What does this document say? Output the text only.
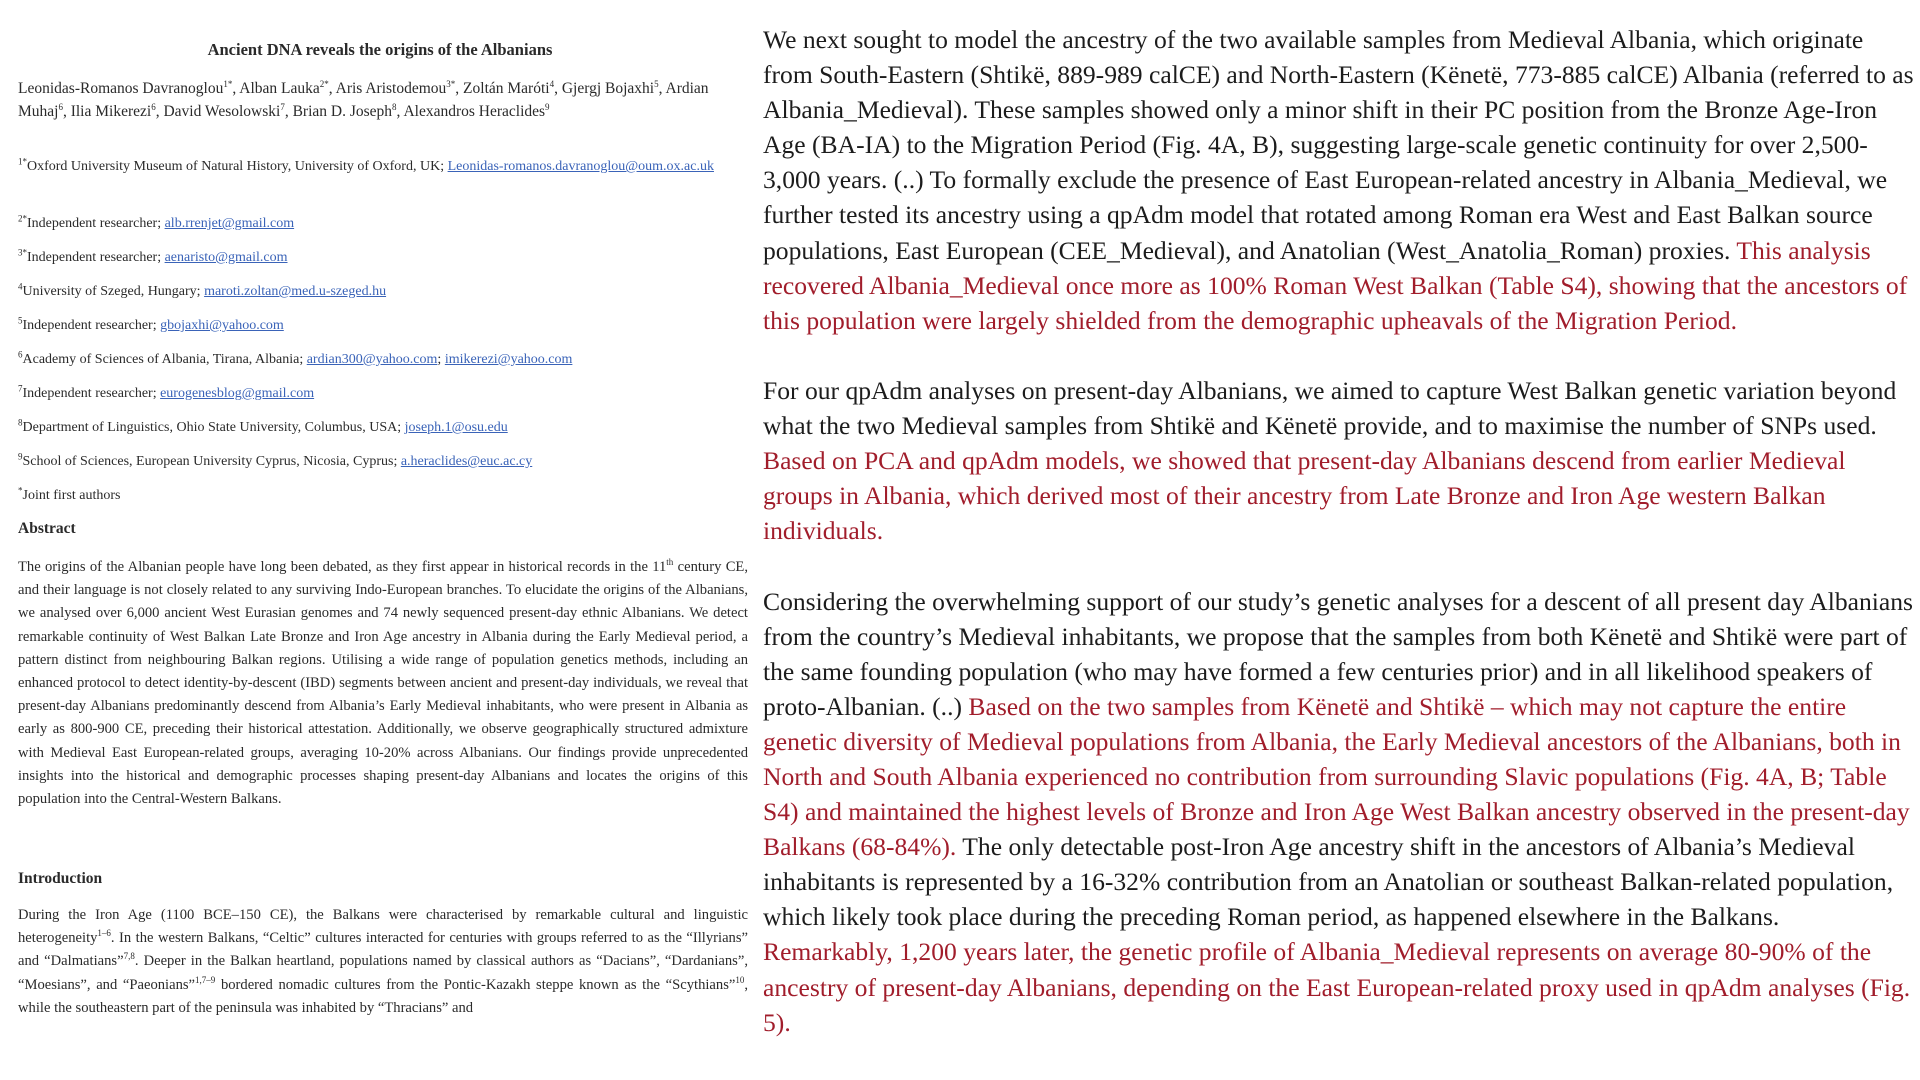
Ancient DNA reveals the origins of the Albanians
Leonidas-Romanos Davranoglou$^{1*}$, Alban Lauka$^{2*}$, Aris Aristodemou$^{3*}$, Zoltán Maróti$^4$, Gjergj Bojaxhi$^5$, Ardian Muhaj$^6$, Ilia Mikerezi$^6$, David Wesolowski$^7$, Brian D. Joseph$^8$, Alexandros Heraclides$^9$
$^{1*}$Oxford University Museum of Natural History, University of Oxford, UK; Leonidas-romanos.davranoglou@oum.ox.ac.uk
$^{2*}$Independent researcher; alb.rrenjet@gmail.com
$^{3*}$Independent researcher; aenaristo@gmail.com
$^4$University of Szeged, Hungary; maroti.zoltan@med.u-szeged.hu
$^5$Independent researcher; gbojaxhi@yahoo.com
$^6$Academy of Sciences of Albania, Tirana, Albania; ardian300@yahoo.com; imikerezi@yahoo.com
$^7$Independent researcher; eurogenesblog@gmail.com
$^8$Department of Linguistics, Ohio State University, Columbus, USA; joseph.1@osu.edu
$^9$School of Sciences, European University Cyprus, Nicosia, Cyprus; a.heraclides@euc.ac.cy
*Joint first authors
Abstract
The origins of the Albanian people have long been debated, as they first appear in historical records in the 11th century CE, and their language is not closely related to any surviving Indo-European branches. To elucidate the origins of the Albanians, we analysed over 6,000 ancient West Eurasian genomes and 74 newly sequenced present-day ethnic Albanians. We detect remarkable continuity of West Balkan Late Bronze and Iron Age ancestry in Albania during the Early Medieval period, a pattern distinct from neighbouring Balkan regions. Utilising a wide range of population genetics methods, including an enhanced protocol to detect identity-by-descent (IBD) segments between ancient and present-day individuals, we reveal that present-day Albanians predominantly descend from Albania’s Early Medieval inhabitants, who were present in Albania as early as 800-900 CE, preceding their historical attestation. Additionally, we observe geographically structured admixture with Medieval East European-related groups, averaging 10-20% across Albanians. Our findings provide unprecedented insights into the historical and demographic processes shaping present-day Albanians and locates the origins of this population into the Central-Western Balkans.
Introduction
During the Iron Age (1100 BCE–150 CE), the Balkans were characterised by remarkable cultural and linguistic heterogeneity$^{1-6}$. In the western Balkans, “Celtic” cultures interacted for centuries with groups referred to as the “Illyrians” and “Dalmatians”$^{7,8}$. Deeper in the Balkan heartland, populations named by classical authors as “Dacians”, “Dardanians”, “Moesians”, and “Paeonians”$^{1,7-9}$ bordered nomadic cultures from the Pontic-Kazakh steppe known as the “Scythians”$^{10}$, while the southeastern part of the peninsula was inhabited by “Thracians” and

We next sought to model the ancestry of the two available samples from Medieval Albania, which originate from South-Eastern (Shtikë, 889-989 calCE) and North-Eastern (Kënetë, 773-885 calCE) Albania (referred to as Albania_Medieval). These samples showed only a minor shift in their PC position from the Bronze Age-Iron Age (BA-IA) to the Migration Period (Fig. 4A, B), suggesting large-scale genetic continuity for over 2,500-3,000 years. (..) To formally exclude the presence of East European-related ancestry in Albania_Medieval, we further tested its ancestry using a qpAdm model that rotated among Roman era West and East Balkan source populations, East European (CEE_Medieval), and Anatolian (West_Anatolia_Roman) proxies. This analysis recovered Albania_Medieval once more as 100% Roman West Balkan (Table S4), showing that the ancestors of this population were largely shielded from the demographic upheavals of the Migration Period.

For our qpAdm analyses on present-day Albanians, we aimed to capture West Balkan genetic variation beyond what the two Medieval samples from Shtikë and Kënetë provide, and to maximise the number of SNPs used. Based on PCA and qpAdm models, we showed that present-day Albanians descend from earlier Medieval groups in Albania, which derived most of their ancestry from Late Bronze and Iron Age western Balkan individuals.

Considering the overwhelming support of our study’s genetic analyses for a descent of all present day Albanians from the country’s Medieval inhabitants, we propose that the samples from both Kënetë and Shtikë were part of the same founding population (who may have formed a few centuries prior) and in all likelihood speakers of proto-Albanian. (..) Based on the two samples from Kënetë and Shtikë – which may not capture the entire genetic diversity of Medieval populations from Albania, the Early Medieval ancestors of the Albanians, both in North and South Albania experienced no contribution from surrounding Slavic populations (Fig. 4A, B; Table S4) and maintained the highest levels of Bronze and Iron Age West Balkan ancestry observed in the present-day Balkans (68-84%). The only detectable post-Iron Age ancestry shift in the ancestors of Albania’s Medieval inhabitants is represented by a 16-32% contribution from an Anatolian or southeast Balkan-related population, which likely took place during the preceding Roman period, as happened elsewhere in the Balkans. Remarkably, 1,200 years later, the genetic profile of Albania_Medieval represents on average 80-90% of the ancestry of present-day Albanians, depending on the East European-related proxy used in qpAdm analyses (Fig. 5).
